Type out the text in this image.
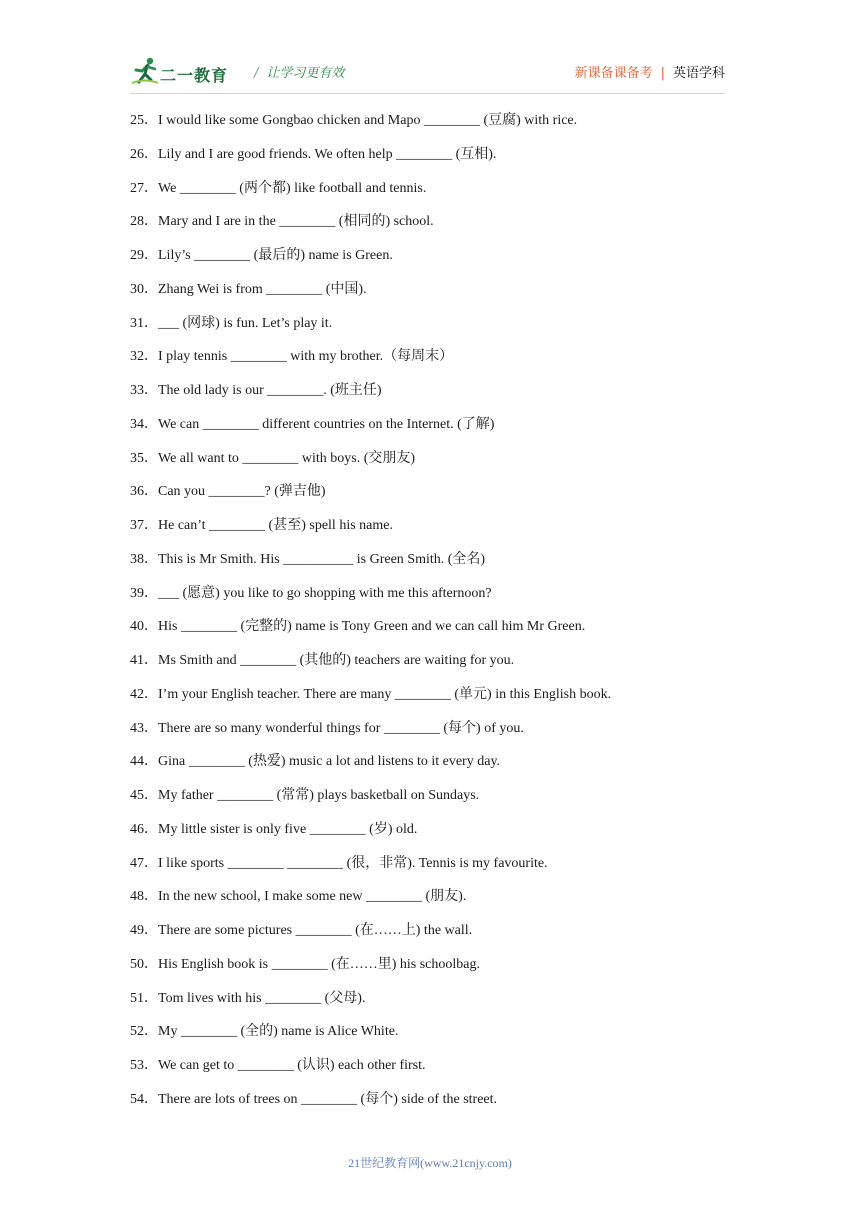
二一教育 / 让学习更有效	新课备课备考 | 英语学科
25．I would like some Gongbao chicken and Mapo ________ (豆腐) with rice.
26．Lily and I are good friends. We often help ________ (互相).
27．We ________ (两个都) like football and tennis.
28．Mary and I are in the ________ (相同的) school.
29．Lily’s ________ (最后的) name is Green.
30．Zhang Wei is from ________ (中国).
31．___ (网球) is fun. Let’s play it.
32．I play tennis ________ with my brother.（每周末）
33．The old lady is our ________. (班主任)
34．We can ________ different countries on the Internet. (了解)
35．We all want to ________ with boys. (交朋友)
36．Can you ________? (弹吉他)
37．He can’t ________ (甚至) spell his name.
38．This is Mr Smith. His __________ is Green Smith. (全名)
39．___ (愿意) you like to go shopping with me this afternoon?
40．His ________ (完整的) name is Tony Green and we can call him Mr Green.
41．Ms Smith and ________ (其他的) teachers are waiting for you.
42．I’m your English teacher. There are many ________ (单元) in this English book.
43．There are so many wonderful things for ________ (每个) of you.
44．Gina ________ (热爱) music a lot and listens to it every day.
45．My father ________ (常常) plays basketball on Sundays.
46．My little sister is only five ________ (岁) old.
47．I like sports ________ ________ (很，非常). Tennis is my favourite.
48．In the new school, I make some new ________ (朋友).
49．There are some pictures ________ (在……上) the wall.
50．His English book is ________ (在……里) his schoolbag.
51．Tom lives with his ________ (父母).
52．My ________ (全的) name is Alice White.
53．We can get to ________ (认识) each other first.
54．There are lots of trees on ________ (每个) side of the street.
21世纪教育网(www.21cnjy.com)
